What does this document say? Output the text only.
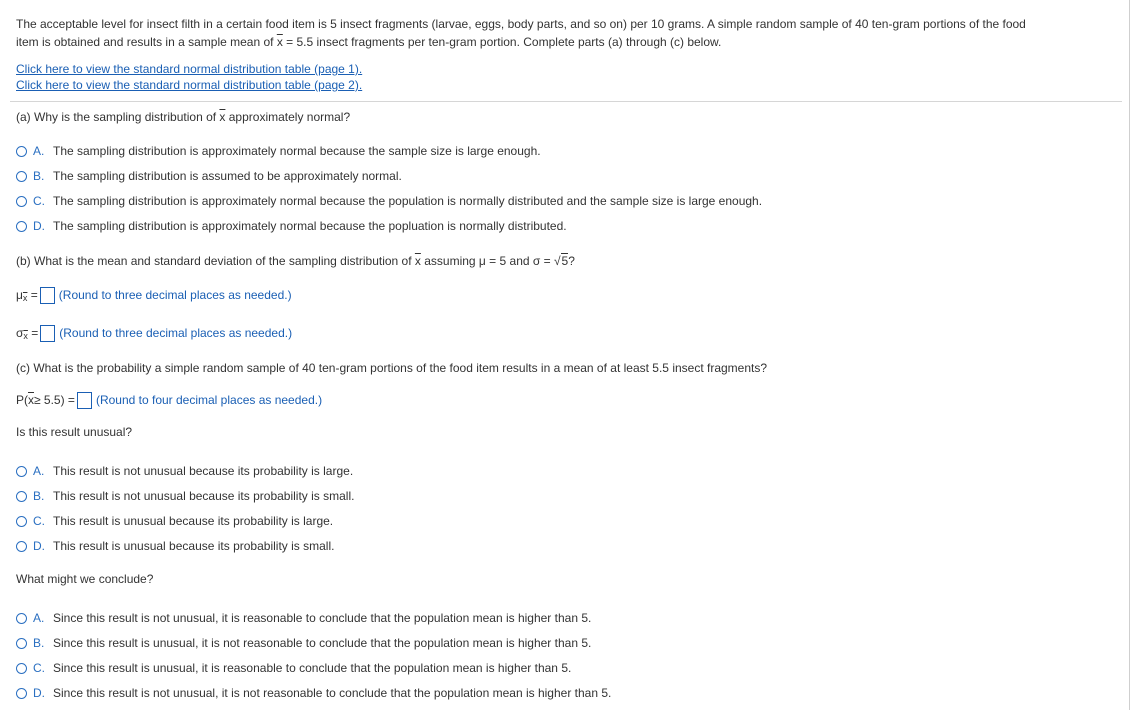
The acceptable level for insect filth in a certain food item is 5 insect fragments (larvae, eggs, body parts, and so on) per 10 grams. A simple random sample of 40 ten-gram portions of the food
item is obtained and results in a sample mean of $\overline{x} = 5.5$ insect fragments per ten-gram portion. Complete parts (a) through (c) below.
Click here to view the standard normal distribution table (page 1).
Click here to view the standard normal distribution table (page 2).
(a) Why is the sampling distribution of $\overline{x}$ approximately normal?
A. The sampling distribution is approximately normal because the sample size is large enough.
B. The sampling distribution is assumed to be approximately normal.
C. The sampling distribution is approximately normal because the population is normally distributed and the sample size is large enough.
D. The sampling distribution is approximately normal because the popluation is normally distributed.
(b) What is the mean and standard deviation of the sampling distribution of $\overline{x}$ assuming μ = 5 and σ = √5?
μ $\overline{x}$
= (Round to three decimal places as needed.)
σ $\overline{x}$
= (Round to three decimal places as needed.)
(c) What is the probability a simple random sample of 40 ten-gram portions of the food item results in a mean of at least 5.5 insect fragments?
P( $\overline{x} \ge 5.5$) = (Round to four decimal places as needed.)
Is this result unusual?
A. This result is not unusual because its probability is large.
B. This result is not unusual because its probability is small.
C. This result is unusual because its probability is large.
D. This result is unusual because its probability is small.
What might we conclude?
A. Since this result is not unusual, it is reasonable to conclude that the population mean is higher than 5.
B. Since this result is unusual, it is not reasonable to conclude that the population mean is higher than 5.
C. Since this result is unusual, it is reasonable to conclude that the population mean is higher than 5.
D. Since this result is not unusual, it is not reasonable to conclude that the population mean is higher than 5.
